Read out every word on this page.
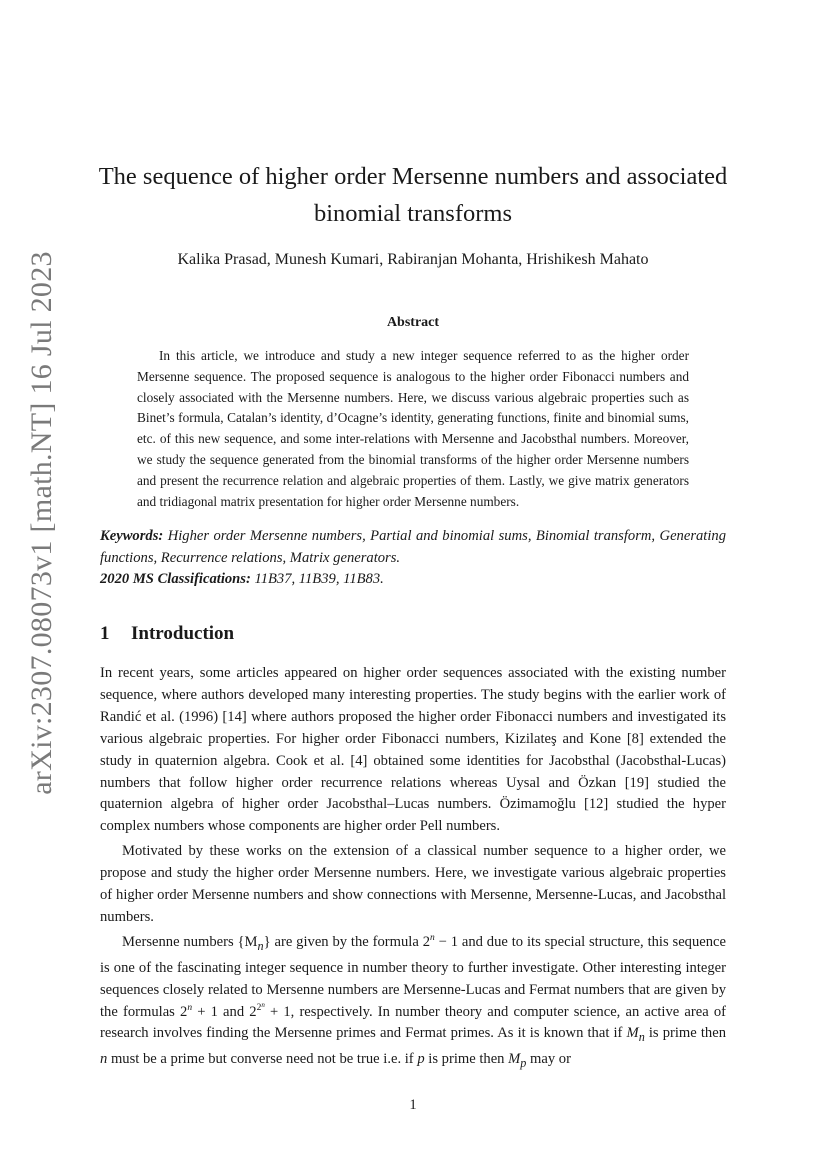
arXiv:2307.08073v1 [math.NT] 16 Jul 2023
The sequence of higher order Mersenne numbers and associated
binomial transforms
Kalika Prasad, Munesh Kumari, Rabiranjan Mohanta, Hrishikesh Mahato
Abstract

In this article, we introduce and study a new integer sequence referred to as the higher order Mersenne sequence. The proposed sequence is analogous to the higher order Fibonacci numbers and closely associated with the Mersenne numbers. Here, we discuss various algebraic properties such as Binet’s formula, Catalan’s identity, d’Ocagne’s identity, generating functions, finite and binomial sums, etc. of this new sequence, and some inter-relations with Mersenne and Jacobsthal numbers. Moreover, we study the sequence generated from the binomial transforms of the higher order Mersenne numbers and present the recurrence relation and algebraic properties of them. Lastly, we give matrix generators and tridiagonal matrix presentation for higher order Mersenne numbers.

Keywords: Higher order Mersenne numbers, Partial and binomial sums, Binomial transform, Generating functions, Recurrence relations, Matrix generators.
2020 MS Classifications: 11B37, 11B39, 11B83.

1 Introduction

In recent years, some articles appeared on higher order sequences associated with the existing number sequence, where authors developed many interesting properties. The study begins with the earlier work of Randić et al. (1996) [14] where authors proposed the higher order Fibonacci numbers and investigated its various algebraic properties. For higher order Fibonacci numbers, Kizilateş and Kone [8] extended the study in quaternion algebra. Cook et al. [4] obtained some identities for Jacobsthal (Jacobsthal-Lucas) numbers that follow higher order recurrence relations whereas Uysal and Özkan [19] studied the quaternion algebra of higher order Jacobsthal–Lucas numbers. Özimamoğlu [12] studied the hyper complex numbers whose components are higher order Pell numbers.

Motivated by these works on the extension of a classical number sequence to a higher order, we propose and study the higher order Mersenne numbers. Here, we investigate various algebraic properties of higher order Mersenne numbers and show connections with Mersenne, Mersenne-Lucas, and Jacobsthal numbers.

Mersenne numbers $\{M_n\}$ are given by the formula $2^n - 1$ and due to its special structure, this sequence is one of the fascinating integer sequence in number theory to further investigate. Other interesting integer sequences closely related to Mersenne numbers are Mersenne-Lucas and Fermat numbers that are given by the formulas $2^n + 1$ and $2^{2^n} + 1$, respectively. In number theory and computer science, an active area of research involves finding the Mersenne primes and Fermat primes. As it is known that if $M_n$ is prime then n must be a prime but converse need not be true i.e. if p is prime then $M_p$ may or

1
